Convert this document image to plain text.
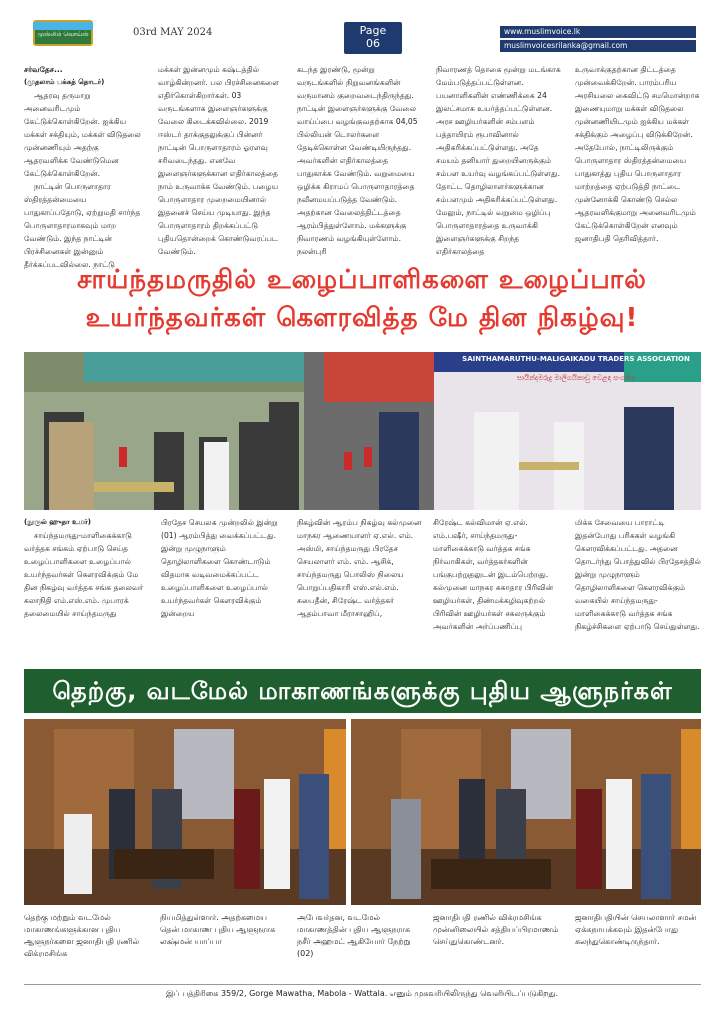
முஸ்லிம் வொய்ஸ்	03rd MAY 2024	Page
06
www.muslimvoice.lk
muslimvoicesrilanka@gmail.com

சர்வதேச...

(முதலாம் பக்கத் தொடர்)

ஆதரவு தருமாறு அனைவரிடமும் கேட்டுக்கொள்கிறேன். ஐக்கிய மக்கள் சக்தியும், மக்கள் விடுதலை முன்னணியும் அதற்கு ஆதரவளிக்க வேண்டுமென கேட்டுக்கொள்கிறேன்.

நாட்டின் பொருளாதார ஸ்திரத்தன்மையை பாதுகாப்பதோடு, ஏற்றுமதி சார்ந்த பொருளாதாரமாகவும் மாற வேண்டும். இந்த நாட்டின் பிரச்சினைகள் இன்னும் தீர்க்கப்படவில்லை. நாட்டு

மக்கள் இன்னமும் கஷ்டத்தில் வாழ்கின்றனர். பல பிரச்சினைகளை எதிர்கொள்கிறார்கள். 03 வருடங்களாக இளைஞர்களுக்கு வேலை கிடைக்கவில்லை. 2019 ஈஸ்டர் தாக்குதலுக்குப் பின்னர் நாட்டின் பொருளாதாரம் ஓரளவு சரிவடைந்தது. எனவே இளைஞர்களுக்கான எதிர்காலத்தை நாம் உருவாக்க வேண்டும். பழைய பொருளாதார முறைமையினால் இதனைச் செய்ய முடியாது. இந்த பொருளாதாரம் திறக்கப்பட்டு புதியதொன்றைக் கொண்டுவரப்பட வேண்டும்.

கடந்த இரண்டு, மூன்று வருடங்களில் நிறுவனங்களின் வருமானம் குறைவடைந்திருந்தது. நாட்டின் இளைஞர்களுக்கு வேலை வாய்ப்பை வழங்குவதற்காக 04,05 பில்லியன் டொலர்களை தேடிக்கொள்ள வேண்டியிருந்தது. அவர்களின் எதிர்காலத்தை பாதுகாக்க வேண்டும். வறுமையை ஒழிக்க கிராமப் பொருளாதாரத்தை நவீனமயப்படுத்த வேண்டும். அதற்கான வேலைத்திட்டத்தை ஆரம்பித்துள்ளோம். மக்களுக்கு நிவாரணம் வழங்கியுள்ளோம். நலன்புரி

நிவாரணத் தொகை மூன்று மடங்காக மேம்படுத்தப்பட்டுள்ளன. பயனாளிகளின் எண்ணிக்கை 24 இலட்சமாக உயர்த்தப்பட்டுள்ளன. அரச ஊழியர்களின் சம்பளம் பத்தாயிரம் ரூபாவினால் அதிகரிக்கப்பட்டுள்ளது. அதே சமயம் தனியார் துறையினருக்கும் சம்பள உயர்வு வழங்கப்பட்டுள்ளது. தோட்ட தொழிலாளர்களுக்கான சம்பளமும் அதிகரிக்கப்பட்டுள்ளது. மேலும், நாட்டில் வறுமை ஒழிப்பு பொருளாதாரத்தை உருவாக்கி இளைஞர்களுக்கு சிறந்த எதிர்காலத்தை

உருவாக்குதற்கான திட்டத்தை முன்வைக்கிறேன். பாரம்பரிய அரசியலை கைவிட்டு சமமொன்றாக இணையுமாறு மக்கள் விடுதலை முன்னணியிடமும் ஐக்கிய மக்கள் சக்திக்கும் அழைப்பு விடுக்கிறேன். அதேபோல், நாட்டிலிருக்கும் பொருளாதார ஸ்திரத்தன்மையை பாதுகாத்து புதிய பொருளாதார மாற்றத்தை ஏற்படுத்தி நாட்டை முன்னோக்கி கொண்டு செல்ல ஆதரவளிக்குமாறு அனைவரிடமும் கேட்டுக்கொள்கிறேன் எனவும் ஜனாதிபதி தெரிவித்தார்.

சாய்ந்தமருதில் உழைப்பாளிகளை உழைப்பால்
உயர்ந்தவர்கள் கௌரவித்த மே தின நிகழ்வு!
SAINTHAMARUTHU-MALIGAIKADU TRADERS ASSOCIATION
සායින්දමරුදු මාලිගයිකාඩු වෙළඳ සංගමය

(நூருல் ஹுதா உமர்)

சாய்ந்தமருது-மாளிகைக்காடு வர்த்தக சங்கம் ஏற்பாடு செய்த உழைப்பாளிகளை உழைப்பால் உயர்ந்தவர்கள் கௌரவிக்கும் மே தின நிகழ்வு வர்த்தக சங்க தலைவர் கலாநிதி எம்.எஸ்.எம். முபாரக் தலைமையில் சாய்ந்தமருது

பிரதேச செயலக முன்றலில் இன்று (01) ஆரம்பித்து வைக்கப்பட்டது. இன்று முழுநாளும் தொழிலாளிகளை கொண்டாடும் விதமாக வடிவமைக்கப்பட்ட உழைப்பாளிகளை உழைப்பால் உயர்ந்தவர்கள் கௌரவிக்கும் இன்றைய

நிகழ்வின் ஆரம்ப நிகழ்வு கல்முனை மாநகர ஆணையாளர் ஏ.எல். எம். அஸ்மி, சாய்ந்தமருது பிரதேச செயலாளர் எம். எம். ஆசிக், சாய்ந்தமருது பொலிஸ் நிலைய பொறுப்பதிகாரி எஸ்.எல்.எம். சுபைதீன், சிரேஷ்ட வர்த்தகர் ஆதம்பாவா மீராசாஹிப்,

சிரேஷ்ட கல்விமான் ஏ.எல். எம்.பஷீர், சாய்ந்தமருது-மாளிகைக்காடு வர்த்தக சங்க நிர்வாகிகள், வர்த்தகர்களின் பங்குபற்றுதலுடன் இடம்பெற்றது. கல்முனை மாநகர சுகாதார பிரிவின் ஊழியர்கள், திண்மக்கழிவுகற்றல் பிரிவின் ஊழியர்கள் சகலருக்கும் அவர்களின் அர்ப்பணிப்பு

மிக்க சேவையை பாராட்டி இதன்போது பரிசுகள் வழங்கி கௌரவிக்கப்பட்டது. அதனை தொடர்ந்து பொத்துவில் பிரதேசத்தில் இன்று முழுநாளும் தொழிலாளிகளை கௌரவிக்கும் வகையில் சாய்ந்தமருது- மாளிகைக்காடு வர்த்தக சங்க நிகழ்ச்சிகளை ஏற்பாடு செய்துள்ளது.

தெற்கு, வடமேல் மாகாணங்களுக்கு புதிய ஆளுநர்கள்
தெற்கு மற்றும் வடமேல் மாகாணங்களுக்கான புதிய ஆளுநர்களை ஜனாதிபதி ரணில் விக்ரமசிங்க
நியமித்துள்ளார். அதற்கமைய தென் மாகாண புதிய ஆளுநராக லக்ஷ்மன் யாப்பா
அபேவர்தன, வடமேல் மாகாணத்தின் புதிய ஆளுநராக நசீர் அஹமட் ஆகியோர் நேற்று (02)
ஜனாதிபதி ரணில் விக்ரமசிங்க முன்னிலையில் சத்தியப்பிரமாணம் செய்துகொண்டனர்.
ஜனாதிபதியின் செயலாளார் சமன் ஏக்கநாயக்கவும் இதன்போது கலந்துகொண்டிருந்தார்.
இப் பத்திரிகை 359/2, Gorge Mawatha, Mabola - Wattala. எனும் முகவரியிலிருந்து வெளியிடப்படுகிறது.
